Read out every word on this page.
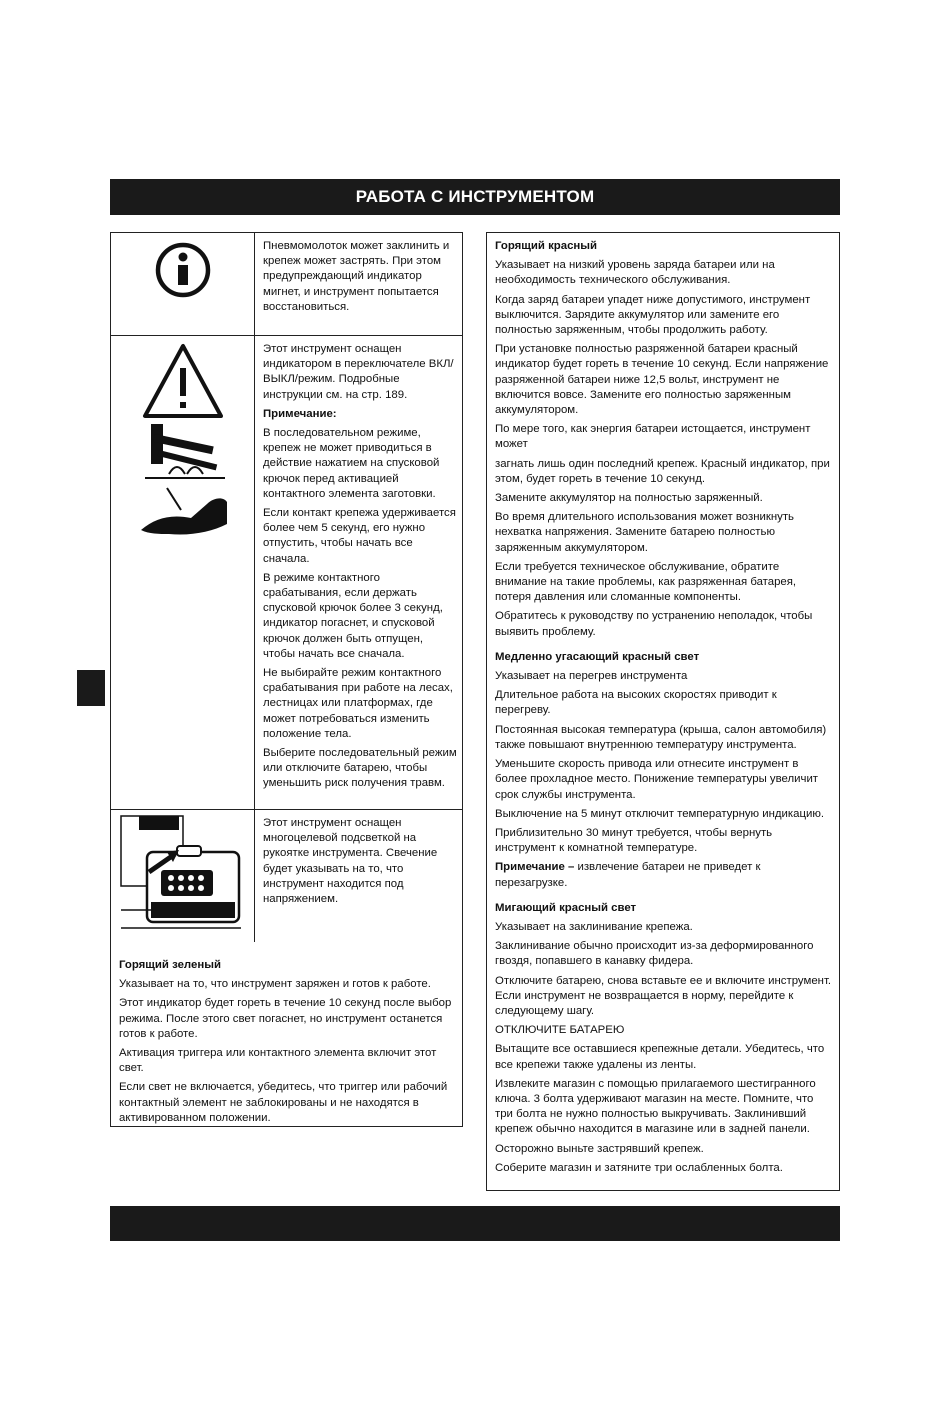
РАБОТА С ИНСТРУМЕНТОМ

Пневмомолоток может заклинить и крепеж может застрять. При этом

предупреждающий индикатор мигнет, и инструмент попытается восстановиться.

Этот инструмент оснащен индикатором в переключателе ВКЛ/ВЫКЛ/режим. Подробные инструкции см. на стр. 189.

Примечание:

В последовательном режиме, крепеж не может приводиться в действие нажатием на спусковой крючок перед активацией контактного элемента заготовки.

Если контакт крепежа удерживается более чем 5 секунд, его нужно отпустить, чтобы начать все сначала.

В режиме контактного срабатывания, если держать спусковой крючок более 3 секунд, индикатор погаснет, и спусковой крючок должен быть отпущен, чтобы начать все сначала.

Не выбирайте режим контактного срабатывания при работе на лесах, лестницах или платформах, где может потребоваться изменить положение тела.

Выберите последовательный режим или отключите батарею, чтобы уменьшить риск получения травм.

Этот инструмент оснащен многоцелевой подсветкой на рукоятке инструмента. Свечение будет указывать на то, что инструмент находится под напряжением.

Горящий зеленый

Указывает на то, что инструмент заряжен и готов к работе.

Этот индикатор будет гореть в течение 10 секунд после выбор режима. После этого свет погаснет, но инструмент останется готов к работе.

Активация триггера или контактного элемента включит этот свет.

Если свет не включается, убедитесь, что триггер или рабочий контактный элемент не заблокированы и не находятся в активированном положении.

Горящий красный

Указывает на низкий уровень заряда батареи или на необходимость технического обслуживания.

Когда заряд батареи упадет ниже допустимого, инструмент выключится. Зарядите аккумулятор или замените его полностью заряженным, чтобы продолжить работу.

При установке полностью разряженной батареи красный индикатор будет гореть в течение 10 секунд. Если напряжение разряженной батареи ниже 12,5 вольт, инструмент не включится вовсе. Замените его полностью заряженным аккумулятором.

По мере того, как энергия батареи истощается, инструмент может

загнать лишь один последний крепеж. Красный индикатор, при этом, будет гореть в течение 10 секунд.

Замените аккумулятор на полностью заряженный.

Во время длительного использования может возникнуть нехватка напряжения. Замените батарею полностью заряженным аккумулятором.

Если требуется техническое обслуживание, обратите внимание на такие проблемы, как разряженная батарея, потеря давления или сломанные компоненты.

Обратитесь к руководству по устранению неполадок, чтобы выявить проблему.

Медленно угасающий красный свет

Указывает на перегрев инструмента

Длительное работа на высоких скоростях приводит к перегреву.

Постоянная высокая температура (крыша, салон автомобиля) также повышают внутреннюю температуру инструмента.

Уменьшите скорость привода или отнесите инструмент в более прохладное место. Понижение температуры увеличит срок службы инструмента.

Выключение на 5 минут отключит температурную индикацию.

Приблизительно 30 минут требуется, чтобы вернуть инструмент к комнатной температуре.

Примечание – извлечение батареи не приведет к перезагрузке.

Мигающий красный свет

Указывает на заклинивание крепежа.

Заклинивание обычно происходит из-за деформированного гвоздя, попавшего в канавку фидера.

Отключите батарею, снова вставьте ее и включите инструмент. Если инструмент не возвращается в норму, перейдите к следующему шагу.

ОТКЛЮЧИТЕ БАТАРЕЮ

Вытащите все оставшиеся крепежные детали. Убедитесь, что все крепежи также удалены из ленты.

Извлеките магазин с помощью прилагаемого шестигранного ключа. 3 болта удерживают магазин на месте. Помните, что три болта не нужно полностью выкручивать. Заклинивший крепеж обычно находится в магазине или в задней панели.

Осторожно выньте застрявший крепеж.

Соберите магазин и затяните три ослабленных болта.
